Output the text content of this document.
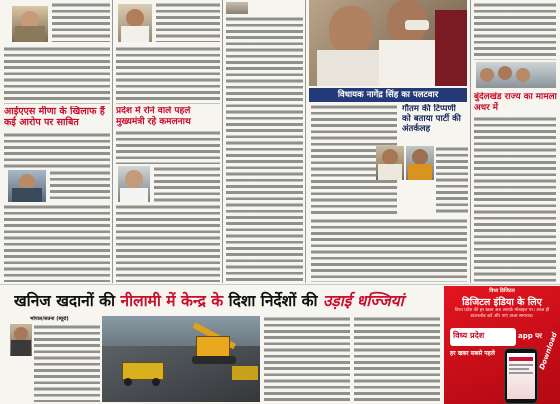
आईएएस मीणा के खिलाफ हैं कई आरोप पर साबित
प्रदेश में रोने वाले पहले मुख्यमंत्री रहे कमलनाथ
विधायक नागेंद्र सिंह का पलटवार
गौतम की टिप्पणी को बताया पार्टी की अंतर्कलह
बुंदेलखंड राज्य का मामला अधर में
खनिज खदानों की नीलामी में केन्द्र के दिशा निर्देशों की उड़ाई धज्जियां
भोपाल/सतना (ब्यूरो)
विध्य डिजिटल
डिजिटल इंडिया के लिए
विध्य प्रदेश की हर खबर अब आपके मोबाइल पर। आज ही डाउनलोड करें और पाएं ताजा समाचार।
विध्य प्रदेश	app पर
हर खबर सबसे पहले	Download
